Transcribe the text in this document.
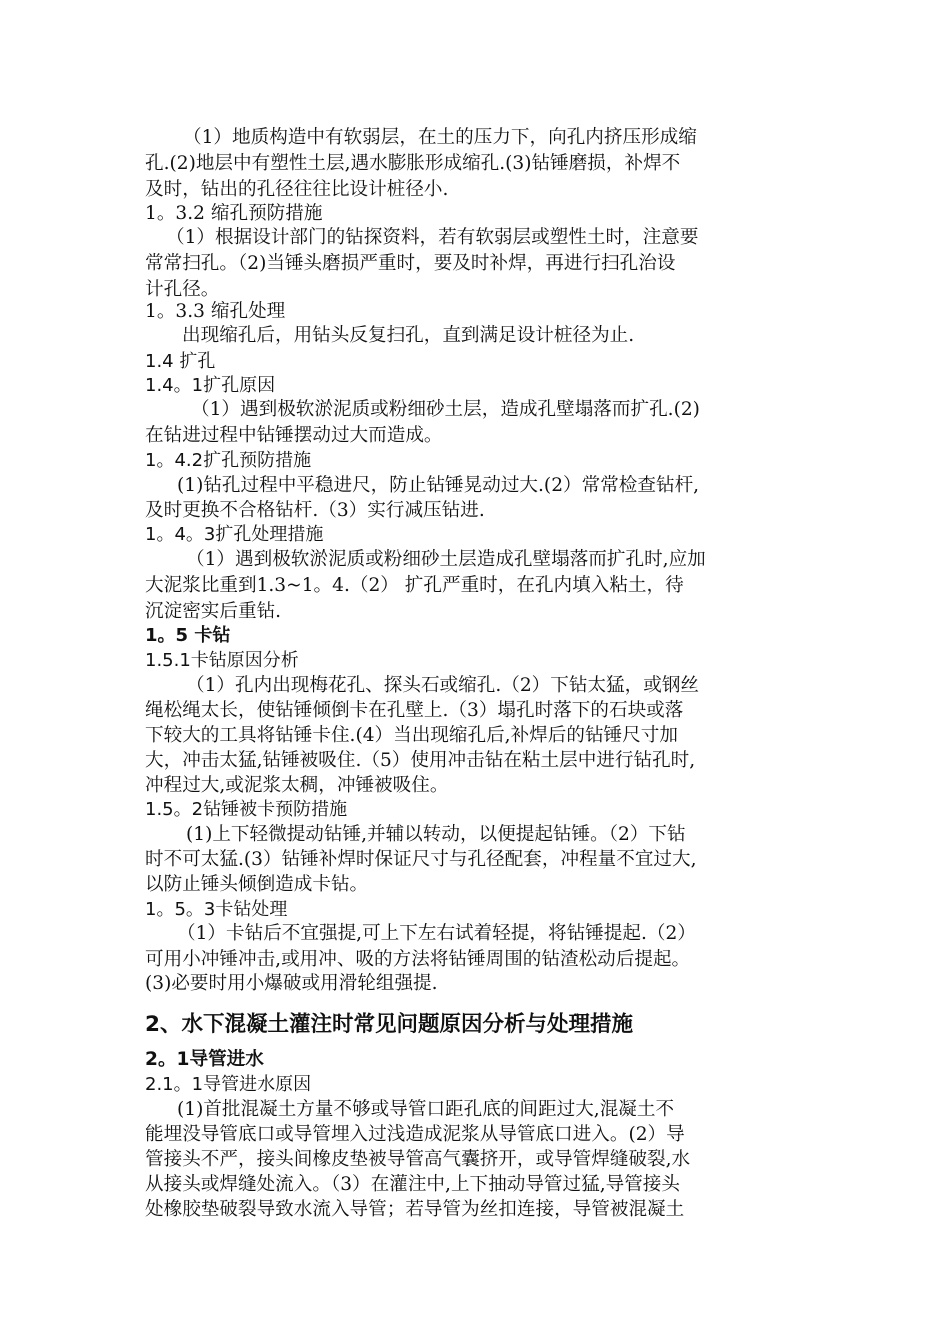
（1）地质构造中有软弱层，在土的压力下，向孔内挤压形成缩
孔.(2)地层中有塑性土层,遇水膨胀形成缩孔.(3)钻锤磨损，补焊不
及时，钻出的孔径往往比设计桩径小.
1。3.2 缩孔预防措施
（1）根据设计部门的钻探资料，若有软弱层或塑性土时，注意要
常常扫孔。（2)当锤头磨损严重时，要及时补焊，再进行扫孔治设
计孔径。
1。3.3 缩孔处理
出现缩孔后，用钻头反复扫孔，直到满足设计桩径为止.
1.4 扩孔
1.4。1扩孔原因
（1）遇到极软淤泥质或粉细砂土层，造成孔壁塌落而扩孔.(2)
在钻进过程中钻锤摆动过大而造成。
1。4.2扩孔预防措施
(1)钻孔过程中平稳进尺，防止钻锤晃动过大.(2）常常检查钻杆,
及时更换不合格钻杆.（3）实行减压钻进.
1。4。3扩孔处理措施
（1）遇到极软淤泥质或粉细砂土层造成孔壁塌落而扩孔时,应加
大泥浆比重到1.3~1。4.（2） 扩孔严重时，在孔内填入粘土，待
沉淀密实后重钻.
1。5 卡钻
1.5.1卡钻原因分析
（1）孔内出现梅花孔、探头石或缩孔.（2）下钻太猛，或钢丝
绳松绳太长，使钻锤倾倒卡在孔壁上.（3）塌孔时落下的石块或落
下较大的工具将钻锤卡住.(4）当出现缩孔后,补焊后的钻锤尺寸加
大，冲击太猛,钻锤被吸住.（5）使用冲击钻在粘土层中进行钻孔时,
冲程过大,或泥浆太稠，冲锤被吸住。
1.5。2钻锤被卡预防措施
(1)上下轻微提动钻锤,并辅以转动，以便提起钻锤。（2）下钻
时不可太猛.(3）钻锤补焊时保证尺寸与孔径配套，冲程量不宜过大,
以防止锤头倾倒造成卡钻。
1。5。3卡钻处理
（1）卡钻后不宜强提,可上下左右试着轻提，将钻锤提起.（2）
可用小冲锤冲击,或用冲、吸的方法将钻锤周围的钻渣松动后提起。
(3)必要时用小爆破或用滑轮组强提.
2、水下混凝土灌注时常见问题原因分析与处理措施
2。1导管进水
2.1。1导管进水原因
(1)首批混凝土方量不够或导管口距孔底的间距过大,混凝土不
能埋没导管底口或导管埋入过浅造成泥浆从导管底口进入。(2）导
管接头不严，接头间橡皮垫被导管高气囊挤开，或导管焊缝破裂,水
从接头或焊缝处流入。（3）在灌注中,上下抽动导管过猛,导管接头
处橡胶垫破裂导致水流入导管；若导管为丝扣连接，导管被混凝土
